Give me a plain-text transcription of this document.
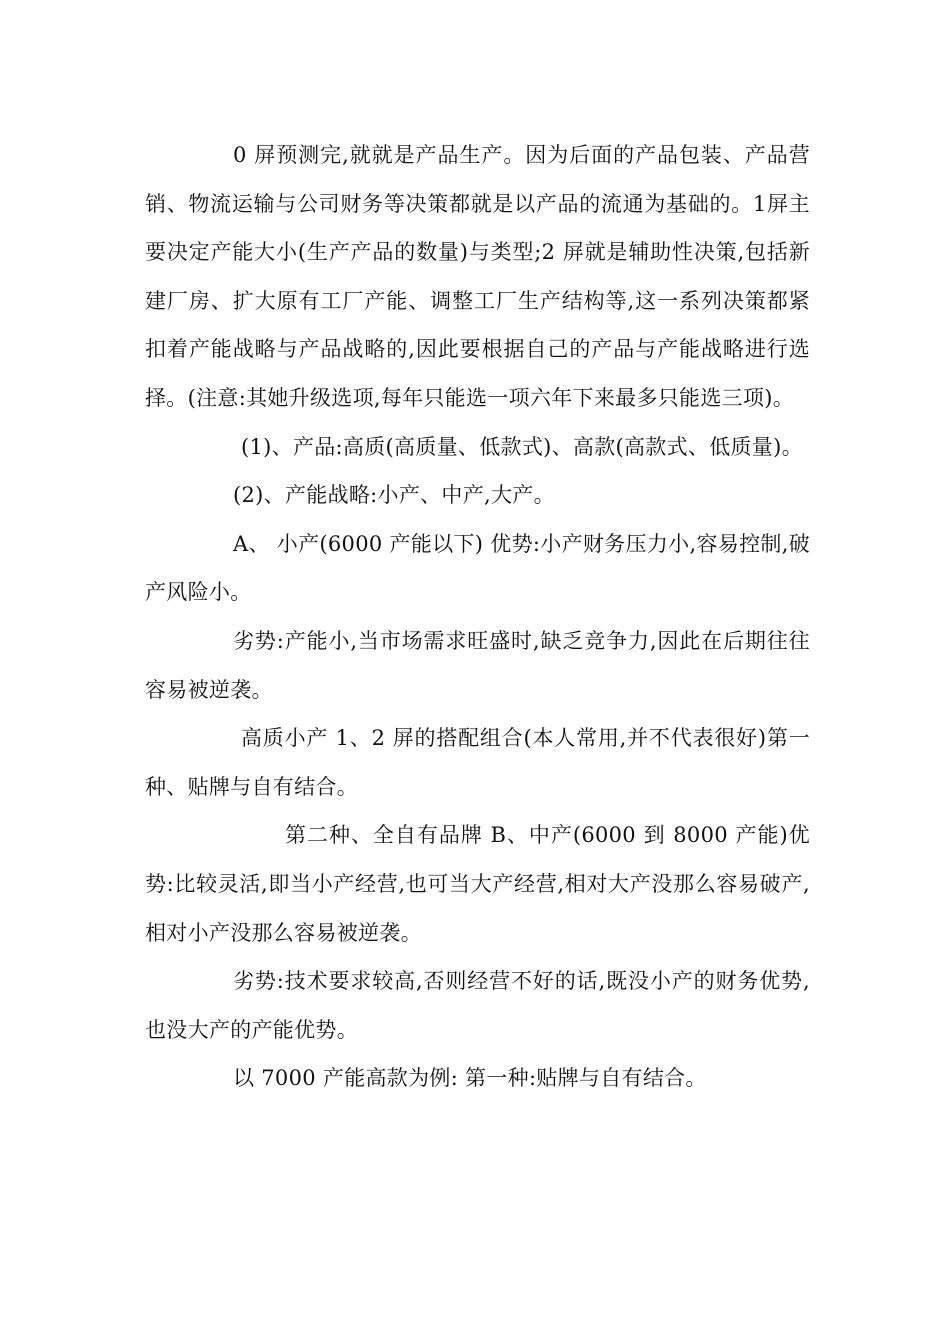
0 屏预测完,就就是产品生产。因为后面的产品包装、产品营销、物流运输与公司财务等决策都就是以产品的流通为基础的。1屏主要决定产能大小(生产产品的数量)与类型;2 屏就是辅助性决策,包括新建厂房、扩大原有工厂产能、调整工厂生产结构等,这一系列决策都紧扣着产能战略与产品战略的,因此要根据自己的产品与产能战略进行选择。(注意:其她升级选项,每年只能选一项六年下来最多只能选三项)。

(1)、产品:高质(高质量、低款式)、高款(高款式、低质量)。

(2)、产能战略:小产、中产,大产。

A、 小产(6000 产能以下) 优势:小产财务压力小,容易控制,破产风险小。

劣势:产能小,当市场需求旺盛时,缺乏竞争力,因此在后期往往容易被逆袭。

高质小产 1、2 屏的搭配组合(本人常用,并不代表很好)第一种、贴牌与自有结合。

第二种、全自有品牌 B、中产(6000 到 8000 产能)优势:比较灵活,即当小产经营,也可当大产经营,相对大产没那么容易破产,相对小产没那么容易被逆袭。

劣势:技术要求较高,否则经营不好的话,既没小产的财务优势, 也没大产的产能优势。

以 7000 产能高款为例: 第一种:贴牌与自有结合。
